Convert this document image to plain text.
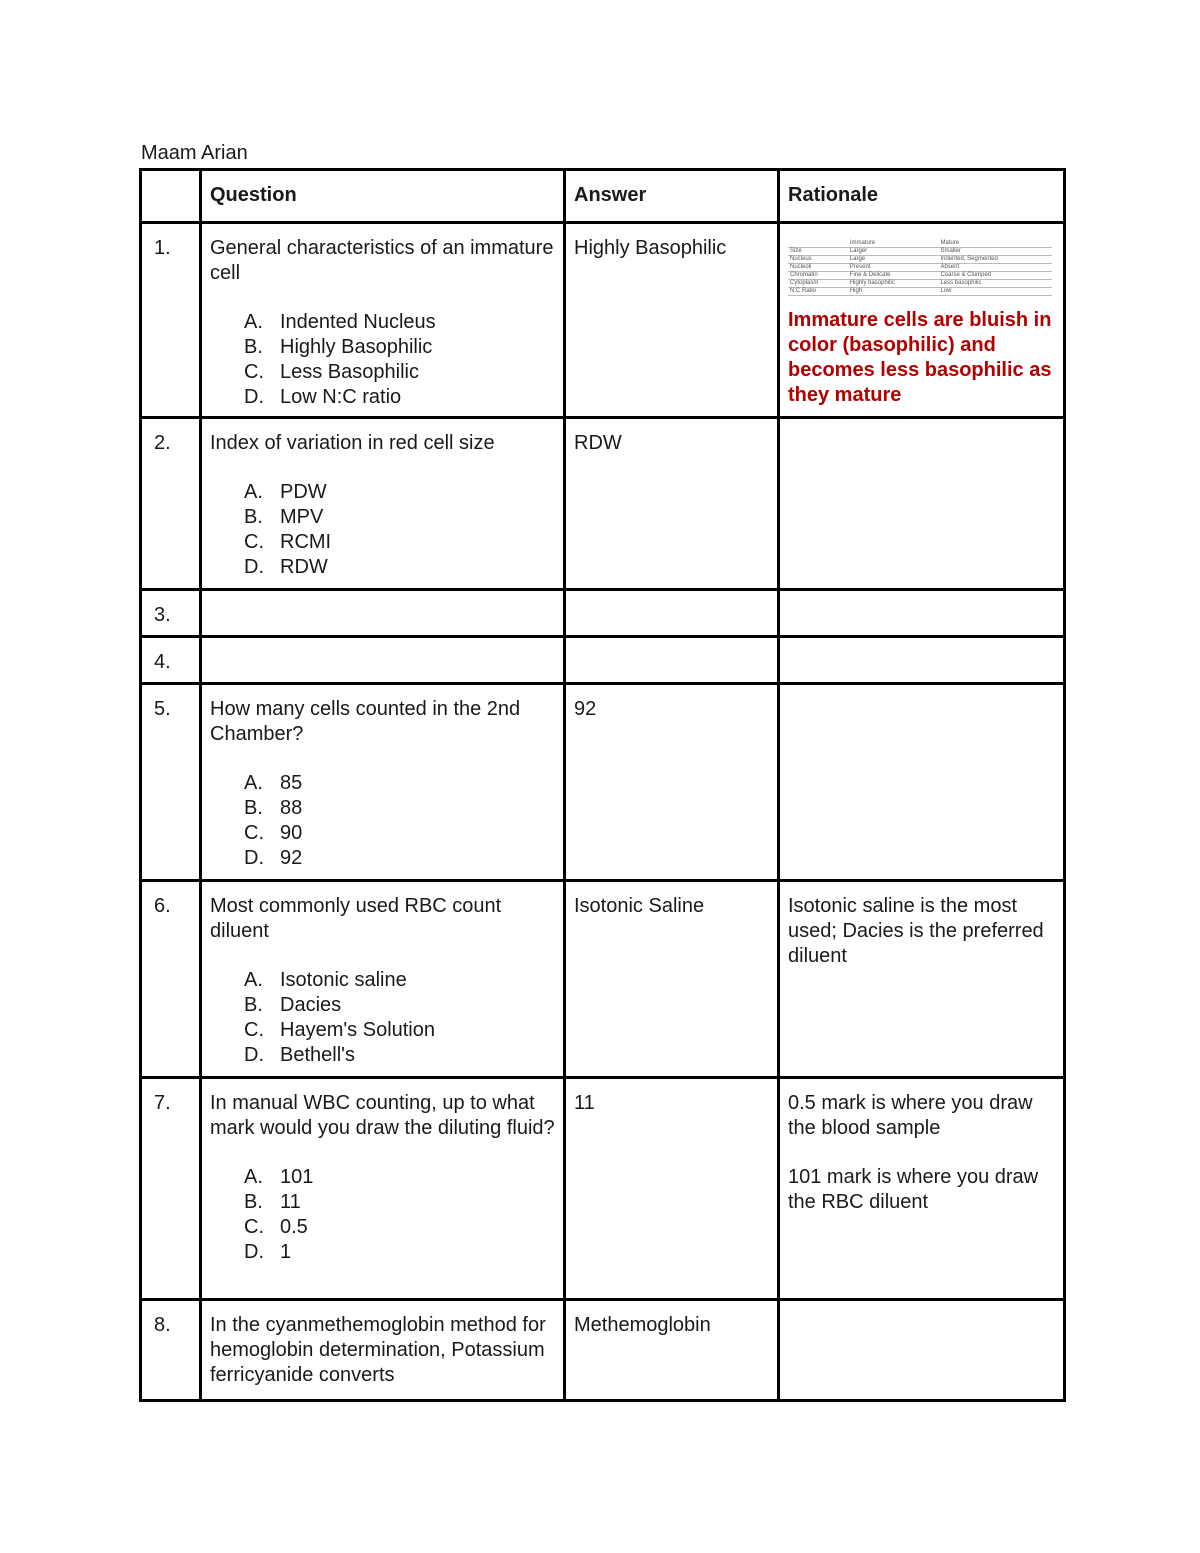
Maam Arian
	Question	Answer	Rationale
1.	General characteristics of an immature cell
A. Indented Nucleus
B. Highly Basophilic
C. Less Basophilic
D. Low N:C ratio
	Highly Basophilic	
		Immature	Mature
Size	Larger	Smaller
Nucleus	Large	Indented, Segmented
Nucleoli	Present	Absent
Chromatin	Fine & Delicate	Coarse & Clumped
Cytoplasm	Highly basophilic	Less basophilic
N:C Ratio	High	Low
Immature cells are bluish in color (basophilic) and becomes less basophilic as they mature

2.	Index of variation in red cell size
A. PDW
B. MPV
C. RCMI
D. RDW
	RDW	
3.			
4.			
5.	How many cells counted in the 2nd Chamber?
A. 85
B. 88
C. 90
D. 92
	92	
6.	Most commonly used RBC count diluent
A. Isotonic saline
B. Dacies
C. Hayem's Solution
D. Bethell's
	Isotonic Saline	Isotonic saline is the most used; Dacies is the preferred diluent

7.	In manual WBC counting, up to what mark would you draw the diluting fluid?
A. 101
B. 11
C. 0.5
D. 1
	11	0.5 mark is where you draw the blood sample

101 mark is where you draw the RBC diluent

8.	In the cyanmethemoglobin method for hemoglobin determination, Potassium ferricyanide converts
	Methemoglobin	
